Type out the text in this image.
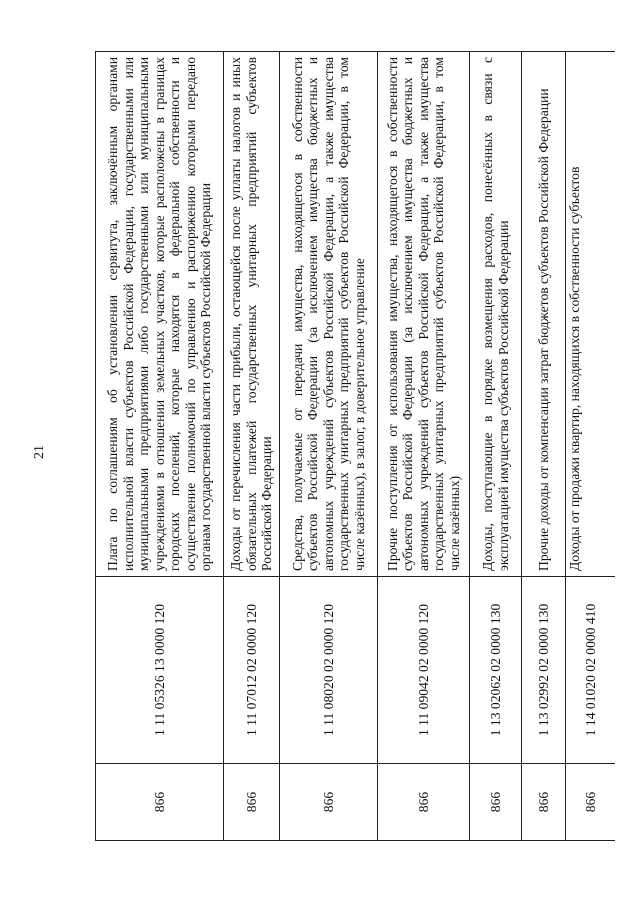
21
866	1 11 05326 13 0000 120	Плата по соглашениям об установлении сервитута, заключённым органами исполнительной власти субъектов Российской Федерации, государственными или муниципальными предприятиями либо государственными или муниципальными учреждениями в отношении земельных участков, которые расположены в границах городских поселений, которые находятся в федеральной собственности и осуществление полномочий по управлению и распоряжению которыми передано органам государственной власти субъектов Российской Федерации
866	1 11 07012 02 0000 120	Доходы от перечисления части прибыли, остающейся после уплаты налогов и иных обязательных платежей государственных унитарных предприятий субъектов Российской Федерации
866	1 11 08020 02 0000 120	Средства, получаемые от передачи имущества, находящегося в собственности субъектов Российской Федерации (за исключением имущества бюджетных и автономных учреждений субъектов Российской Федерации, а также имущества государственных унитарных предприятий субъектов Российской Федерации, в том числе казённых), в залог, в доверительное управление
866	1 11 09042 02 0000 120	Прочие поступления от использования имущества, находящегося в собственности субъектов Российской Федерации (за исключением имущества бюджетных и автономных учреждений субъектов Российской Федерации, а также имущества государственных унитарных предприятий субъектов Российской Федерации, в том числе казённых)
866	1 13 02062 02 0000 130	Доходы, поступающие в порядке возмещения расходов, понесённых в связи с эксплуатацией имущества субъектов Российской Федерации
866	1 13 02992 02 0000 130	Прочие доходы от компенсации затрат бюджетов субъектов Российской Федерации
866	1 14 01020 02 0000 410	Доходы от продажи квартир, находящихся в собственности субъектов
